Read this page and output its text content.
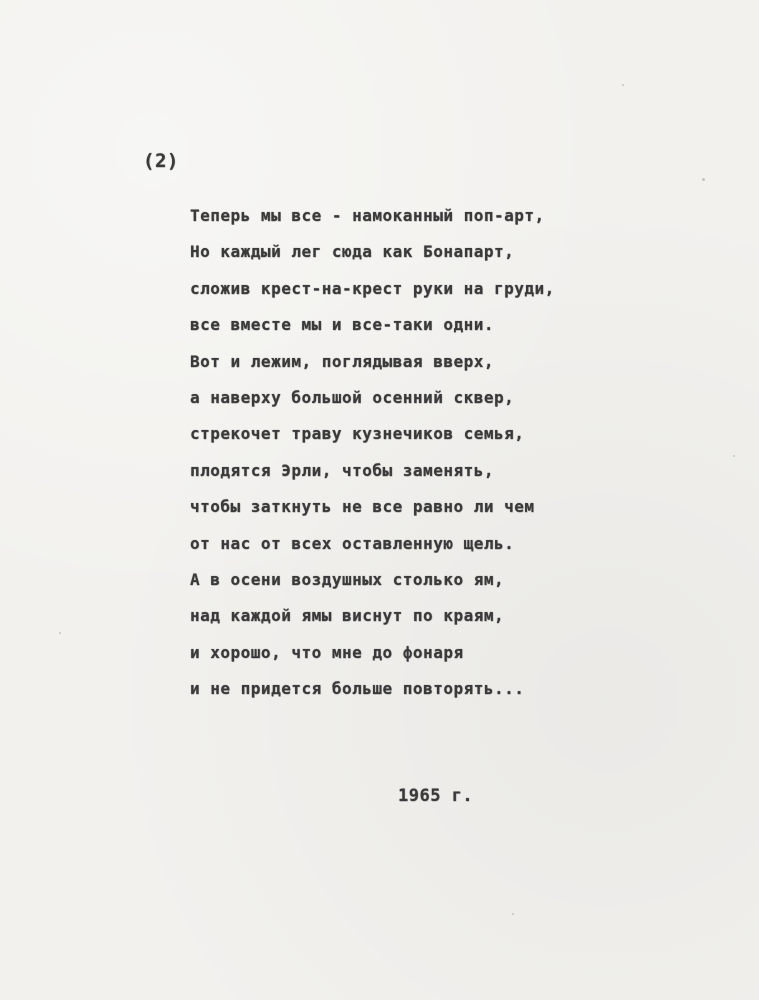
(2)
Теперь мы все - намоканный поп-арт,
Но каждый лег сюда как Бонапарт,
сложив крест-на-крест руки на груди,
все вместе мы и все-таки одни.
Вот и лежим, поглядывая вверх,
а наверху большой осенний сквер,
стрекочет траву кузнечиков семья,
плодятся Эрли, чтобы заменять,
чтобы заткнуть не все равно ли чем
от нас от всех оставленную щель.
А в осени воздушных столько ям,
над каждой ямы виснут по краям,
и хорошо, что мне до фонаря
и не придется больше повторять...
1965 г.
